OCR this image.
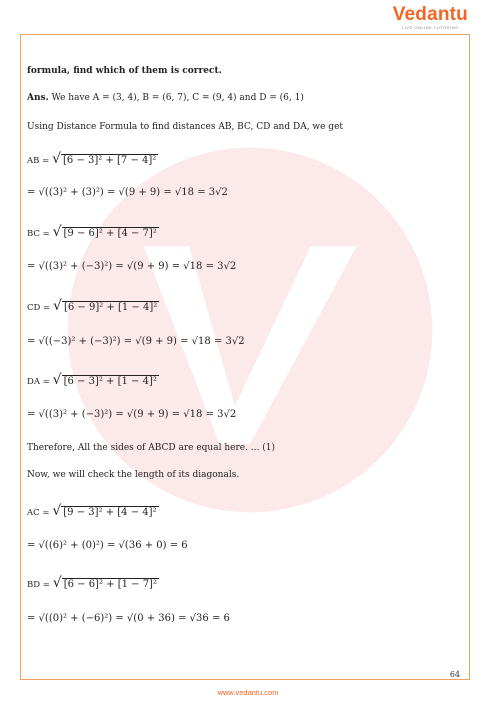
Vedantu
LIVE ONLINE TUTORING
formula, find which of them is correct.
Ans. We have A = (3, 4), B = (6, 7), C = (9, 4) and D = (6, 1)
Using Distance Formula to find distances AB, BC, CD and DA, we get
AB = √ [6 − 3]² + [7 − 4]²
= √((3)² + (3)²) = √(9 + 9) = √18 = 3√2
BC = √ [9 − 6]² + [4 − 7]²
= √((3)² + (−3)²) = √(9 + 9) = √18 = 3√2
CD = √ [6 − 9]² + [1 − 4]²
= √((−3)² + (−3)²) = √(9 + 9) = √18 = 3√2
DA = √ [6 − 3]² + [1 − 4]²
= √((3)² + (−3)²) = √(9 + 9) = √18 = 3√2
Therefore, All the sides of ABCD are equal here. ... (1)
Now, we will check the length of its diagonals.
AC = √ [9 − 3]² + [4 − 4]²
= √((6)² + (0)²) = √(36 + 0) = 6
BD = √ [6 − 6]² + [1 − 7]²
= √((0)² + (−6)²) = √(0 + 36) = √36 = 6
64
www.vedantu.com
